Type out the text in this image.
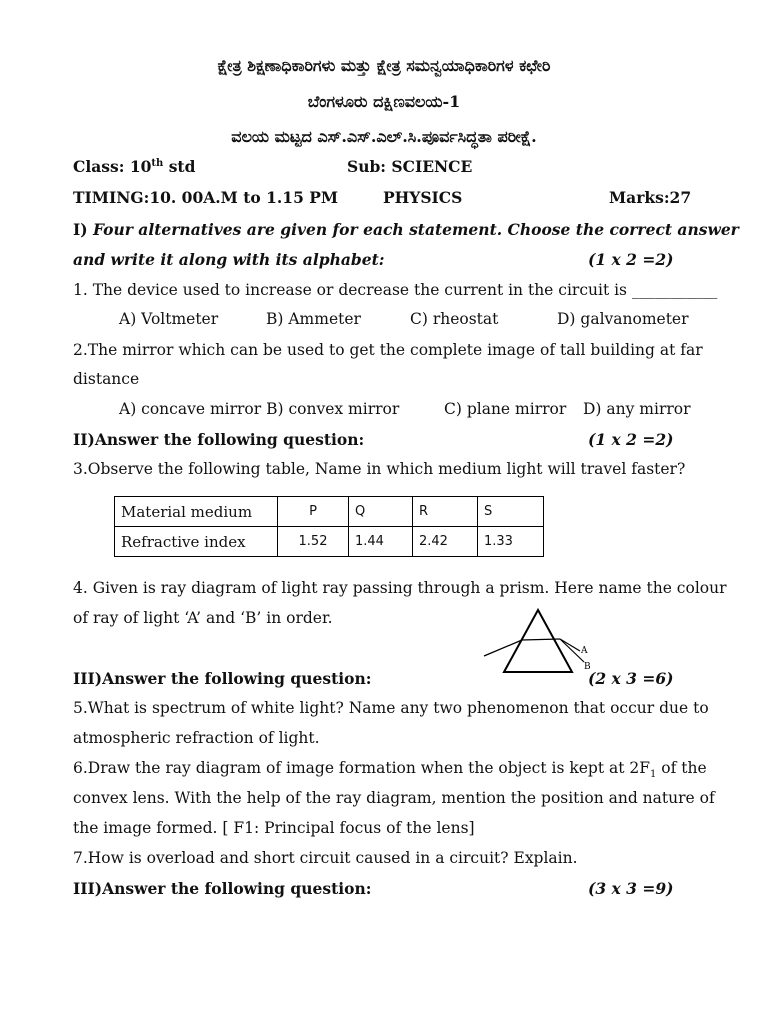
ಕ್ಷೇತ್ರ ಶಿಕ್ಷಣಾಧಿಕಾರಿಗಳು ಮತ್ತು ಕ್ಷೇತ್ರ ಸಮನ್ವಯಾಧಿಕಾರಿಗಳ ಕಛೇರಿ
ಬೆಂಗಳೂರು ದಕ್ಷಿಣವಲಯ-1
ವಲಯ ಮಟ್ಟದ ಎಸ್.ಎಸ್.ಎಲ್.ಸಿ.ಪೂರ್ವಸಿದ್ಧತಾ ಪರೀಕ್ಷೆ.
Class: 10th std	Sub: SCIENCE
TIMING:10. 00A.M to 1.15 PM	PHYSICS	Marks:27
I) Four alternatives are given for each statement. Choose the correct answer
and write it along with its alphabet:	(1 x 2 =2)
1. The device used to increase or decrease the current in the circuit is ___________
A) Voltmeter	B) Ammeter	C) rheostat	D) galvanometer
2.The mirror which can be used to get the complete image of tall building at far
distance
A) concave mirror B) convex mirror	C) plane mirror D) any mirror
II)Answer the following question:	(1 x 2 =2)
3.Observe the following table, Name in which medium light will travel faster?
Material medium	P	Q	R	S
Refractive index	1.52	1.44	2.42	1.33
4. Given is ray diagram of light ray passing through a prism. Here name the colour
of ray of light ‘A’ and ‘B’ in order.
A
B
III)Answer the following question:	(2 x 3 =6)
5.What is spectrum of white light? Name any two phenomenon that occur due to
atmospheric refraction of light.
6.Draw the ray diagram of image formation when the object is kept at $2F_1$ of the
convex lens. With the help of the ray diagram, mention the position and nature of
the image formed. [ F1: Principal focus of the lens]
7.How is overload and short circuit caused in a circuit? Explain.
III)Answer the following question:	(3 x 3 =9)
